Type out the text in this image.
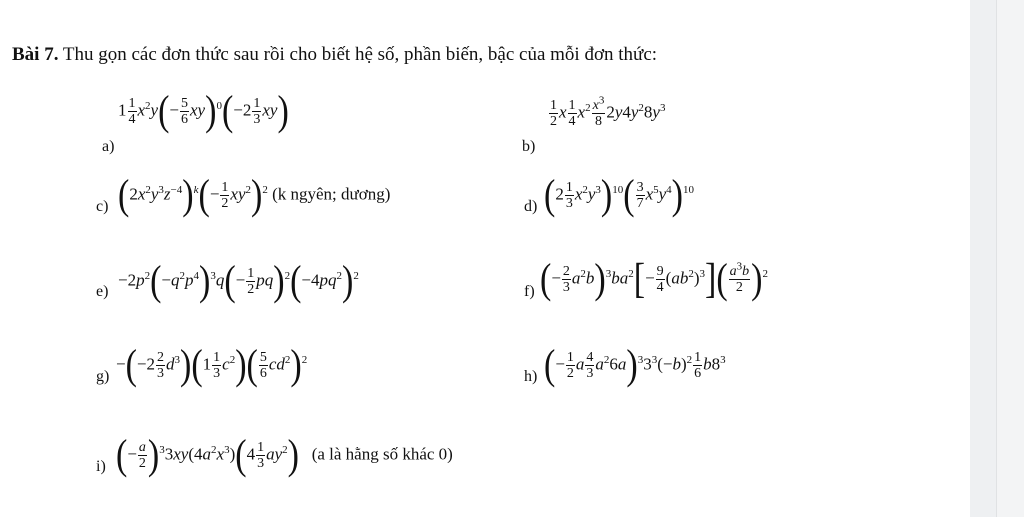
Bài 7. Thu gọn các đơn thức sau rồi cho biết hệ số, phần biến, bậc của mỗi đơn thức:
a)
$1 \frac{1}{4} x^2y(- \frac{5}{6} xy)^0(-2 \frac{1}{3} xy)$
b)
$\frac{1}{2}$ x $\frac{1}{4} x^2 \frac{x^3}{8} 2y4y^28y^3$
c) $(2x^2y^3z^{-4})^k(- \frac{1}{2} xy^2)^2$ (k ngyên; dương)
d) $(2 \frac{1}{3} x^2y^3)^{10}( \frac{3}{7} x^5y^4)^{10}$
e)
$-2p^2(-q^2p^4)^3q(- \frac{1}{2} pq)^2(-4pq^2)^2$
f) (− $\frac{2}{3} a^2b)^3ba^2[- \frac{9}{4} (ab^2)^3]( \frac{a^3b}{2} )^2$
g)
$-(-2 \frac{2}{3} d^3)(1 \frac{1}{3} c^2)( \frac{5}{6} cd^2)^2$
h) (− $\frac{1}{2}$ a $\frac{4}{3} a^26a)^33^3(-b)^2 \frac{1}{6} b8^3$
i) (− $\frac{a}{2} )^33xy(4a^2x^3)(4 \frac{1}{3} ay^2)$ (a là hằng số khác 0)
